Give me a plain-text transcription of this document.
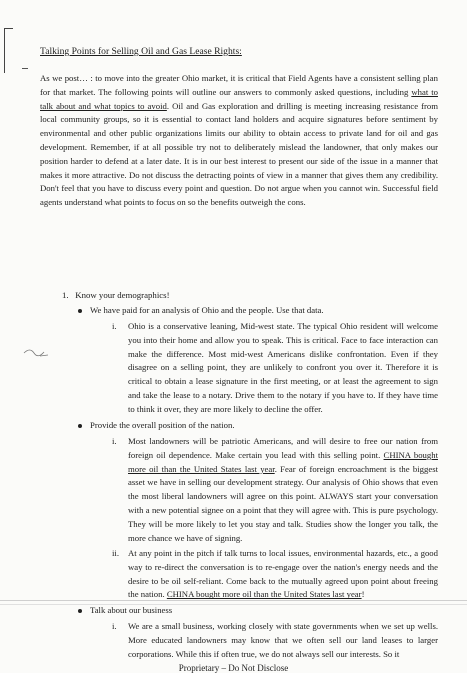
Talking Points for Selling Oil and Gas Lease Rights:
As we post… : to move into the greater Ohio market, it is critical that Field Agents have a consistent selling plan for that market. The following points will outline our answers to commonly asked questions, including what to talk about and what topics to avoid. Oil and Gas exploration and drilling is meeting increasing resistance from local community groups, so it is essential to contact land holders and acquire signatures before sentiment by environmental and other public organizations limits our ability to obtain access to private land for oil and gas development. Remember, if at all possible try not to deliberately mislead the landowner, that only makes our position harder to defend at a later date. It is in our best interest to present our side of the issue in a manner that makes it more attractive. Do not discuss the detracting points of view in a manner that gives them any credibility. Don't feel that you have to discuss every point and question. Do not argue when you cannot win. Successful field agents understand what points to focus on so the benefits outweigh the cons.
1. Know your demographics!
We have paid for an analysis of Ohio and the people. Use that data.
i. Ohio is a conservative leaning, Mid-west state. The typical Ohio resident will welcome you into their home and allow you to speak. This is critical. Face to face interaction can make the difference. Most mid-west Americans dislike confrontation. Even if they disagree on a selling point, they are unlikely to confront you over it. Therefore it is critical to obtain a lease signature in the first meeting, or at least the agreement to sign and take the lease to a notary. Drive them to the notary if you have to. If they have time to think it over, they are more likely to decline the offer.
Provide the overall position of the nation.
i. Most landowners will be patriotic Americans, and will desire to free our nation from foreign oil dependence. Make certain you lead with this selling point. CHINA bought more oil than the United States last year. Fear of foreign encroachment is the biggest asset we have in selling our development strategy. Our analysis of Ohio shows that even the most liberal landowners will agree on this point. ALWAYS start your conversation with a new potential signee on a point that they will agree with. This is pure psychology. They will be more likely to let you stay and talk. Studies show the longer you talk, the more chance we have of signing.
ii. At any point in the pitch if talk turns to local issues, environmental hazards, etc., a good way to re-direct the conversation is to re-engage over the nation's energy needs and the desire to be oil self-reliant. Come back to the mutually agreed upon point about freeing the nation. CHINA bought more oil than the United States last year!
Talk about our business
i. We are a small business, working closely with state governments when we set up wells. More educated landowners may know that we often sell our land leases to larger corporations. While this if often true, we do not always sell our interests. So it
Proprietary – Do Not Disclose
